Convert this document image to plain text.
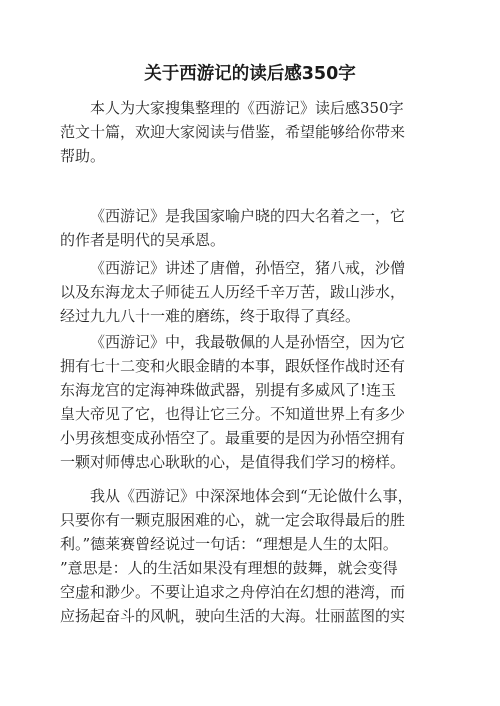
关于西游记的读后感350字
本人为大家搜集整理的《西游记》读后感350字
范文十篇，欢迎大家阅读与借鉴，希望能够给你带来
帮助。
《西游记》是我国家喻户晓的四大名着之一，它
的作者是明代的吴承恩。
《西游记》讲述了唐僧，孙悟空，猪八戒，沙僧
以及东海龙太子师徒五人历经千辛万苦，跋山涉水，
经过九九八十一难的磨练，终于取得了真经。
《西游记》中，我最敬佩的人是孙悟空，因为它
拥有七十二变和火眼金睛的本事，跟妖怪作战时还有
东海龙宫的定海神珠做武器，别提有多威风了!连玉
皇大帝见了它，也得让它三分。不知道世界上有多少
小男孩想变成孙悟空了。最重要的是因为孙悟空拥有
一颗对师傅忠心耿耿的心，是值得我们学习的榜样。
我从《西游记》中深深地体会到“无论做什么事，
只要你有一颗克服困难的心，就一定会取得最后的胜
利。”德莱赛曾经说过一句话：“理想是人生的太阳。
”意思是：人的生活如果没有理想的鼓舞，就会变得
空虚和渺少。不要让追求之舟停泊在幻想的港湾，而
应扬起奋斗的风帆，驶向生活的大海。壮丽蓝图的实
